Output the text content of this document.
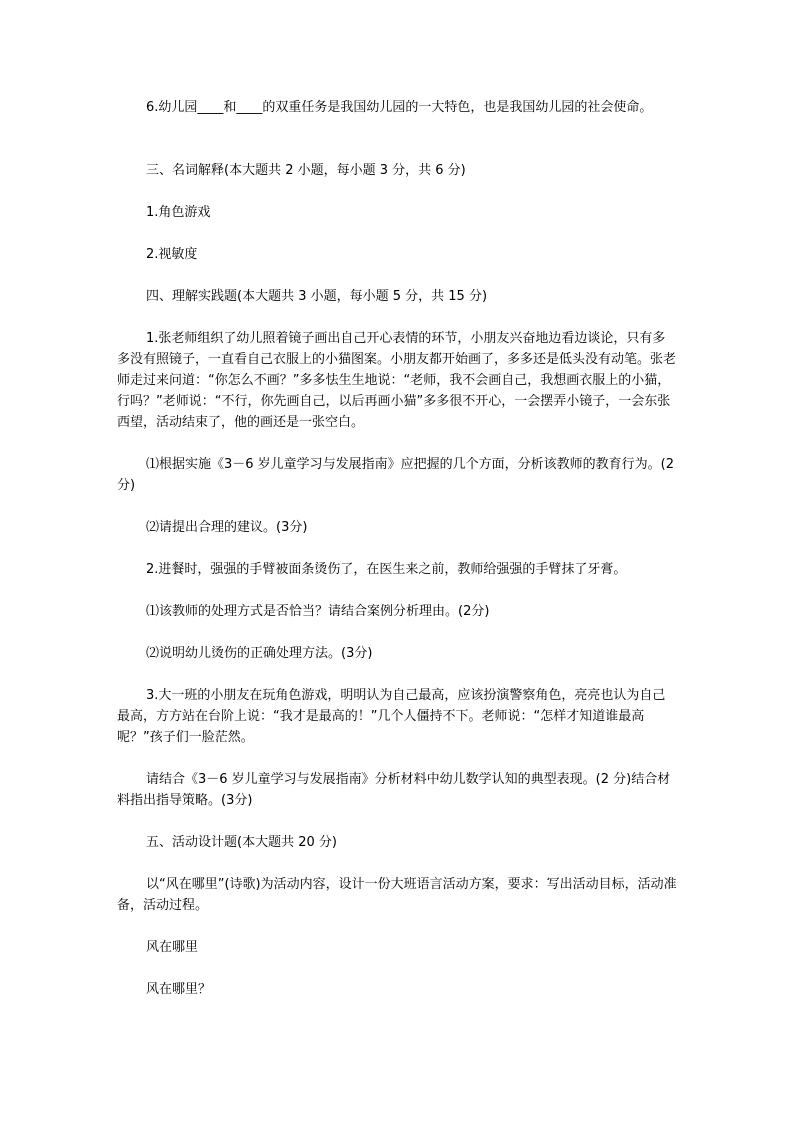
6.幼儿园____和____的双重任务是我国幼儿园的一大特色，也是我国幼儿园的社会使命。

三、名词解释(本大题共 2 小题，每小题 3 分，共 6 分)

1.角色游戏

2.视敏度

四、理解实践题(本大题共 3 小题，每小题 5 分，共 15 分)

1.张老师组织了幼儿照着镜子画出自己开心表情的环节，小朋友兴奋地边看边谈论，只有多多没有照镜子，一直看自己衣服上的小猫图案。小朋友都开始画了，多多还是低头没有动笔。张老师走过来问道：“你怎么不画？”多多怯生生地说：“老师，我不会画自己，我想画衣服上的小猫，行吗？”老师说：“不行，你先画自己，以后再画小猫”多多很不开心，一会摆弄小镜子，一会东张西望，活动结束了，他的画还是一张空白。

⑴根据实施《3－6 岁儿童学习与发展指南》应把握的几个方面，分析该教师的教育行为。(2分)

⑵请提出合理的建议。(3分)

2.进餐时，强强的手臂被面条烫伤了，在医生来之前，教师给强强的手臂抹了牙膏。

⑴该教师的处理方式是否恰当？请结合案例分析理由。(2分)

⑵说明幼儿烫伤的正确处理方法。(3分)

3.大一班的小朋友在玩角色游戏，明明认为自己最高，应该扮演警察角色，亮亮也认为自己最高，方方站在台阶上说：“我才是最高的！”几个人僵持不下。老师说：“怎样才知道谁最高呢？”孩子们一脸茫然。

请结合《3－6 岁儿童学习与发展指南》分析材料中幼儿数学认知的典型表现。(2 分)结合材料指出指导策略。(3分)

五、活动设计题(本大题共 20 分)

以“风在哪里”(诗歌)为活动内容，设计一份大班语言活动方案，要求：写出活动目标，活动准备，活动过程。

风在哪里

风在哪里？
